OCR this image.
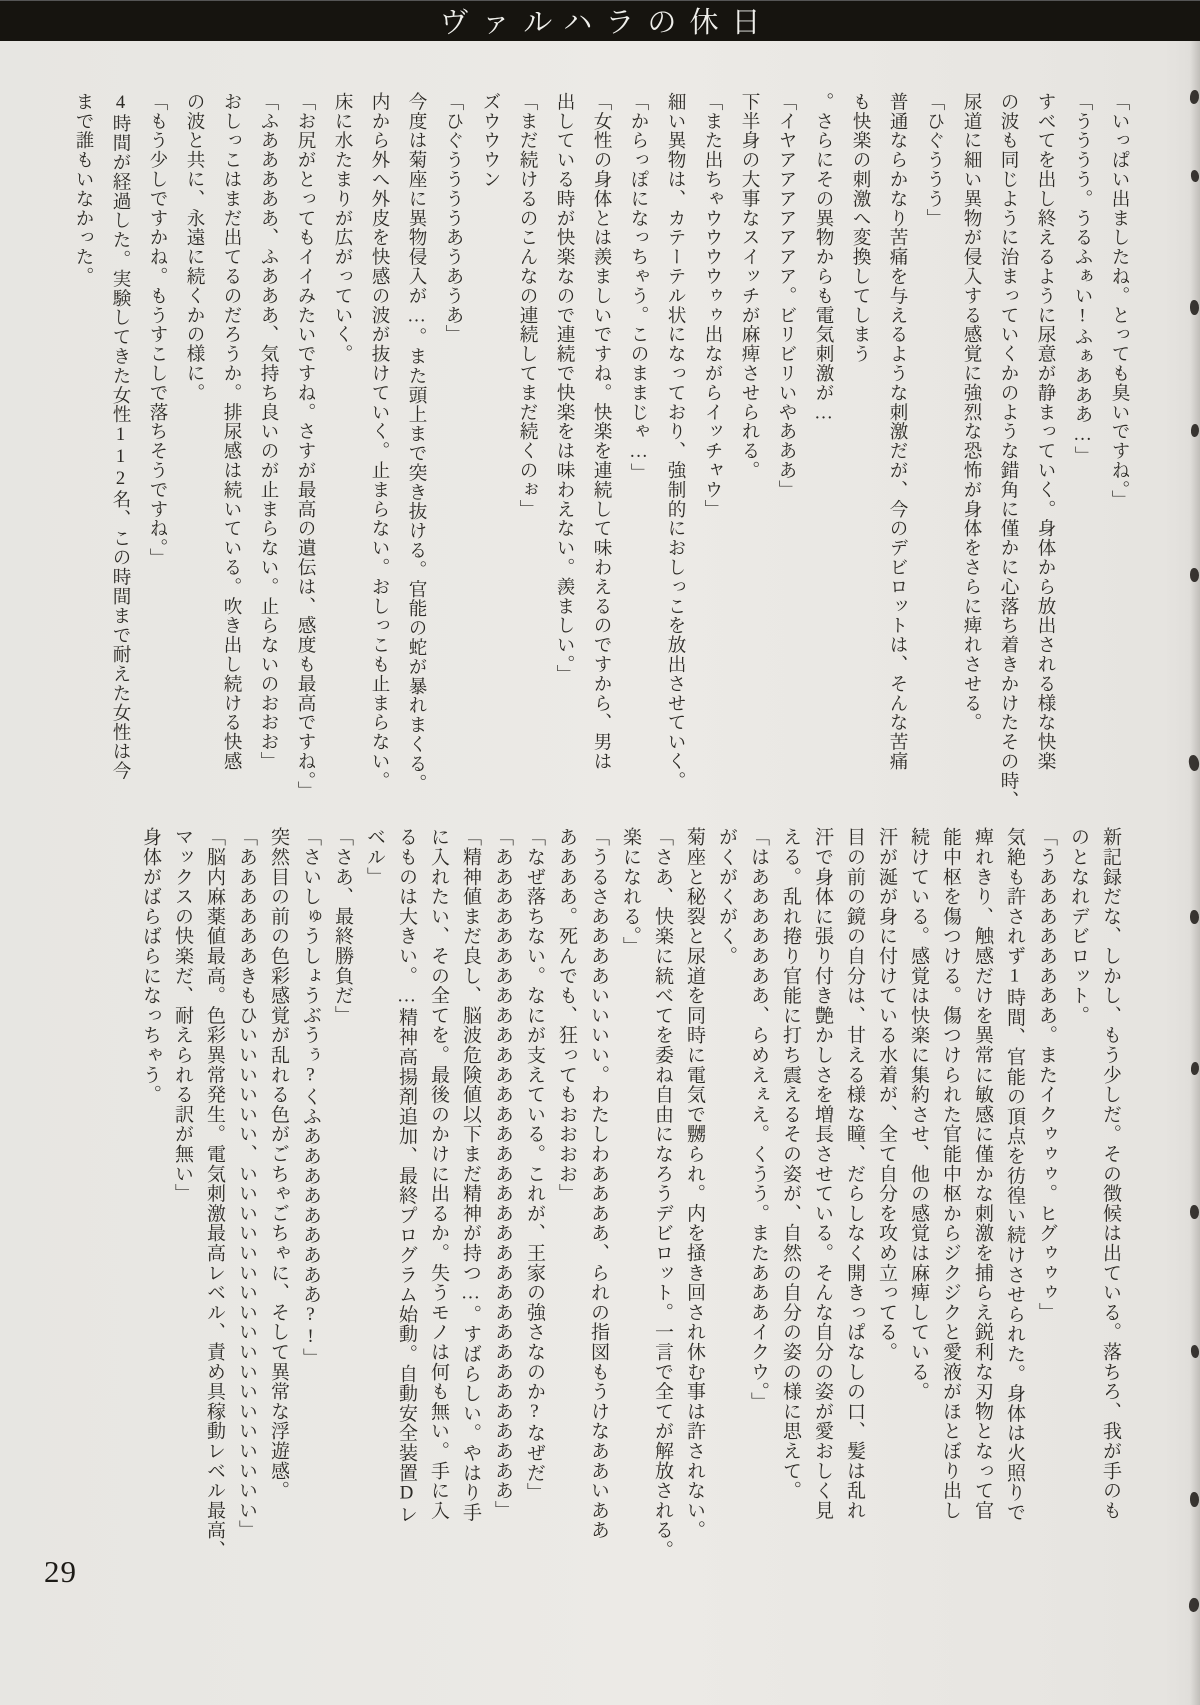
ヴァルハラの休日

「いっぱい出ましたね。とっても臭いですね。」

「うううう。うるふぁい!ふぁあああ…」

すべてを出し終えるように尿意が静まっていく。身体から放出される様な快楽

の波も同じように治まっていくかのような錯角に僅かに心落ち着きかけたその時、

尿道に細い異物が侵入する感覚に強烈な恐怖が身体をさらに痺れさせる。

「ひぐううう」

普通ならかなり苦痛を与えるような刺激だが、今のデビロットは、そんな苦痛

も快楽の刺激へ変換してしまう

。さらにその異物からも電気刺激が…

「イヤアアアアアアア。ビリビリいやあああ」

下半身の大事なスイッチが麻痺させられる。

「また出ちゃウウウウゥゥ出ながらイッチャウ」

細い異物は、カテーテル状になっており、強制的におしっこを放出させていく。

「からっぽになっちゃう。このままじゃ…」

「女性の身体とは羨ましいですね。快楽を連続して味わえるのですから、男は

出している時が快楽なので連続で快楽をは味わえない。羨ましい。」

「まだ続けるのこんなの連続してまだ続くのぉ」

ズウウウン

「ひぐううううあうあうあ」

今度は菊座に異物侵入が…。また頭上まで突き抜ける。官能の蛇が暴れまくる。

内から外へ外皮を快感の波が抜けていく。止まらない。おしっこも止まらない。

床に水たまりが広がっていく。

「お尻がとってもイイみたいですね。さすが最高の遺伝は、感度も最高ですね。」

「ふあああああ、ふあああ、気持ち良いのが止まらない。止らないのおおお」

おしっこはまだ出てるのだろうか。排尿感は続いている。吹き出し続ける快感

の波と共に、永遠に続くかの様に。

「もう少しですかね。もうすこしで落ちそうですね。」

4時間が経過した。実験してきた女性112名、この時間まで耐えた女性は今

まで誰もいなかった。

新記録だな、しかし、もう少しだ。その徴候は出ている。落ちろ、我が手のも

のとなれデビロット。

「うああああああああ。またイクゥゥゥ。ヒグゥゥゥ」

気絶も許されず1時間、官能の頂点を彷徨い続けさせられた。身体は火照りで

痺れきり、触感だけを異常に敏感に僅かな刺激を捕らえ鋭利な刃物となって官

能中枢を傷つける。傷つけられた官能中枢からジクジクと愛液がほとぼり出し

続けている。感覚は快楽に集約させ、他の感覚は麻痺している。

汗が涎が身に付けている水着が、全て自分を攻め立ってる。

目の前の鏡の自分は、甘える様な瞳、だらしなく開きっぱなしの口、髪は乱れ

汗で身体に張り付き艶かしさを増長させている。そんな自分の姿が愛おしく見

える。乱れ捲り官能に打ち震えるその姿が、自然の自分の姿の様に思えて。

「はあああああああ、らめえぇえ。くうう。またあああイクウ。」

がくがくがく。

菊座と秘裂と尿道を同時に電気で嬲られ。内を掻き回され休む事は許されない。

「さあ、快楽に統べてを委ね自由になろうデビロット。一言で全てが解放される。

楽になれる。」

「うるさああああいいいい。わたしわああああ、られの指図もうけなああいああ

ああああ。死んでも、狂ってもおおおお」

「なぜ落ちない。なにが支えている。これが、王家の強さなのか?なぜだ」

「あああああああああああああああああああああああああああああああああ」

「精神値まだ良し、脳波危険値以下まだ精神が持つ…。すばらしい。やはり手

に入れたい、その全てを。最後のかけに出るか。失うモノは何も無い。手に入

るものは大きい。…精神高揚剤追加、最終プログラム始動。自動安全装置Dレ

ベル」

「さあ、最終勝負だ」

「さいしゅうしょうぶうぅ?くふあああああああああ?!」

突然目の前の色彩感覚が乱れる色がごちゃごちゃに、そして異常な浮遊感。

「ああああああきもひいいいいいい、いいいいいいいいいいいいいいいいいい」

「脳内麻薬値最高。色彩異常発生。電気刺激最高レベル、責め具稼動レベル最高、

マックスの快楽だ、耐えられる訳が無い」

身体がばらばらになっちゃう。

29
